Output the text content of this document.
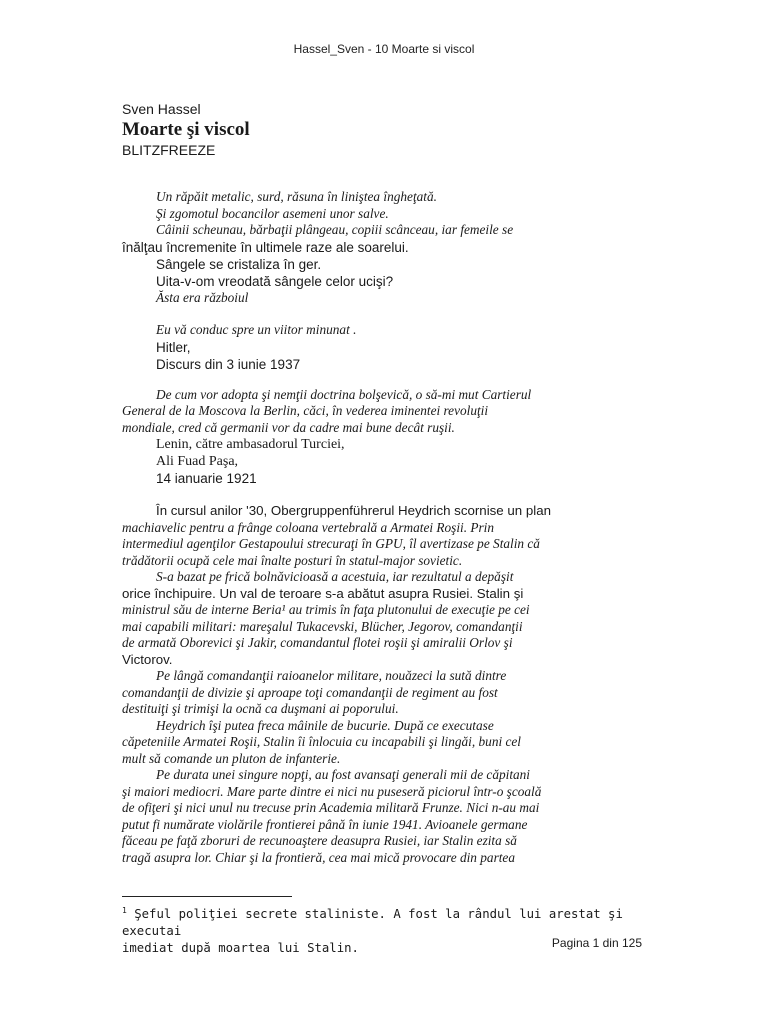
Hassel_Sven - 10 Moarte si viscol

Sven Hassel

Moarte şi viscol

BLITZFREEZE

Un răpăit metalic, surd, răsuna în liniştea îngheţată.

Şi zgomotul bocancilor asemeni unor salve.

Câinii scheunau, bărbaţii plângeau, copiii scânceau, iar femeile se

înălţau încremenite în ultimele raze ale soarelui.

Sângele se cristaliza în ger.

Uita-v-om vreodată sângele celor ucişi?

Ăsta era războiul

Eu vă conduc spre un viitor minunat .

Hitler,

Discurs din 3 iunie 1937

De cum vor adopta şi nemţii doctrina bolşevică, o să-mi mut Cartierul

General de la Moscova la Berlin, căci, în vederea iminentei revoluţii

mondiale, cred că germanii vor da cadre mai bune decât ruşii.

Lenin, către ambasadorul Turciei,

Ali Fuad Paşa,

14 ianuarie 1921

În cursul anilor '30, Obergruppenführerul Heydrich scornise un plan
machiavelic pentru a frânge coloana vertebrală a Armatei Roşii. Prin
intermediul agenţilor Gestapoului strecuraţi în GPU, îl avertizase pe Stalin că
trădătorii ocupă cele mai înalte posturi în statul-major sovietic.

S-a bazat pe frică bolnăvicioasă a acestuia, iar rezultatul a depăşit
orice închipuire. Un val de teroare s-a abătut asupra Rusiei. Stalin şi
ministrul său de interne Beria¹ au trimis în faţa plutonului de execuţie pe cei
mai capabili militari: mareşalul Tukacevski, Blücher, Jegorov, comandanţii
de armată Oborevici şi Jakir, comandantul flotei roşii şi amiralii Orlov şi
Victorov.

Pe lângă comandanţii raioanelor militare, nouăzeci la sută dintre
comandanţii de divizie şi aproape toţi comandanţii de regiment au fost
destituiţi şi trimişi la ocnă ca duşmani ai poporului.

Heydrich îşi putea freca mâinile de bucurie. După ce executase
căpeteniile Armatei Roşii, Stalin îi înlocuia cu incapabili şi lingăi, buni cel
mult să comande un pluton de infanterie.

Pe durata unei singure nopţi, au fost avansaţi generali mii de căpitani
şi maiori mediocri. Mare parte dintre ei nici nu puseseră piciorul într-o şcoală
de ofiţeri şi nici unul nu trecuse prin Academia militară Frunze. Nici n-au mai
putut fi numărate violările frontierei până în iunie 1941. Avioanele germane
făceau pe faţă zboruri de recunoaştere deasupra Rusiei, iar Stalin ezita să
tragă asupra lor. Chiar şi la frontieră, cea mai mică provocare din partea

$^1$ Şeful poliţiei secrete staliniste. A fost la rândul lui arestat şi executai
imediat după moartea lui Stalin.	Pagina 1 din 125
